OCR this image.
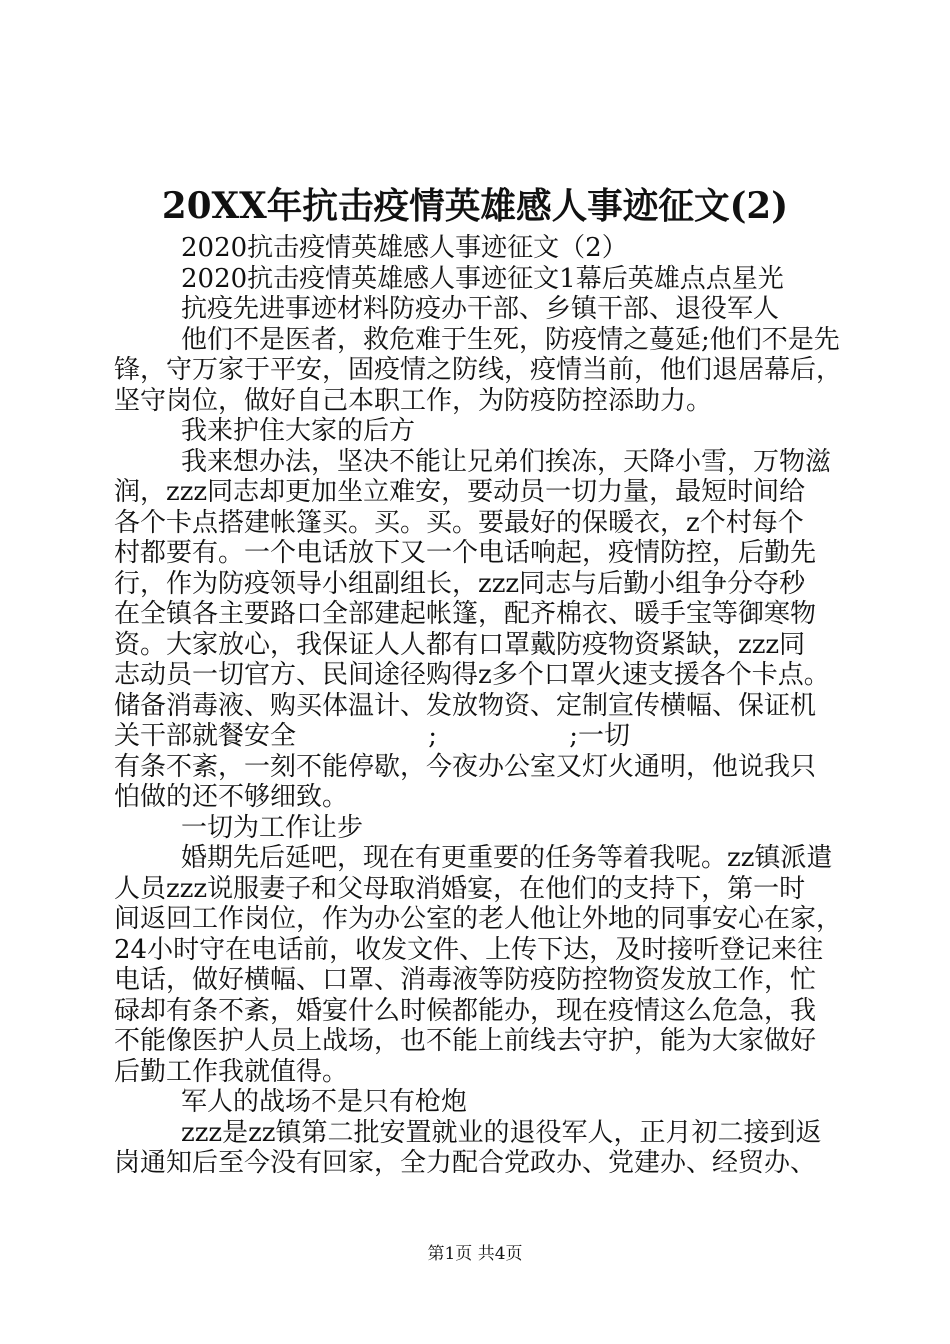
20XX年抗击疫情英雄感人事迹征文(2)
2020抗击疫情英雄感人事迹征文（2）
2020抗击疫情英雄感人事迹征文1幕后英雄点点星光
抗疫先进事迹材料防疫办干部、乡镇干部、退役军人
他们不是医者，救危难于生死，防疫情之蔓延;他们不是先
锋，守万家于平安，固疫情之防线，疫情当前，他们退居幕后，
坚守岗位，做好自己本职工作，为防疫防控添助力。
我来护住大家的后方
我来想办法，坚决不能让兄弟们挨冻，天降小雪，万物滋
润，zzz同志却更加坐立难安，要动员一切力量，最短时间给
各个卡点搭建帐篷买。买。买。要最好的保暖衣，z个村每个
村都要有。一个电话放下又一个电话响起，疫情防控，后勤先
行，作为防疫领导小组副组长，zzz同志与后勤小组争分夺秒
在全镇各主要路口全部建起帐篷，配齐棉衣、暖手宝等御寒物
资。大家放心，我保证人人都有口罩戴防疫物资紧缺，zzz同
志动员一切官方、民间途径购得z多个口罩火速支援各个卡点。
储备消毒液、购买体温计、发放物资、定制宣传横幅、保证机
关干部就餐安全                ;                ;一切
有条不紊，一刻不能停歇，今夜办公室又灯火通明，他说我只
怕做的还不够细致。
一切为工作让步
婚期先后延吧，现在有更重要的任务等着我呢。zz镇派遣
人员zzz说服妻子和父母取消婚宴，在他们的支持下，第一时
间返回工作岗位，作为办公室的老人他让外地的同事安心在家，
24小时守在电话前，收发文件、上传下达，及时接听登记来往
电话，做好横幅、口罩、消毒液等防疫防控物资发放工作，忙
碌却有条不紊，婚宴什么时候都能办，现在疫情这么危急，我
不能像医护人员上战场，也不能上前线去守护，能为大家做好
后勤工作我就值得。
军人的战场不是只有枪炮
zzz是zz镇第二批安置就业的退役军人，正月初二接到返
岗通知后至今没有回家，全力配合党政办、党建办、经贸办、
第1页 共4页
